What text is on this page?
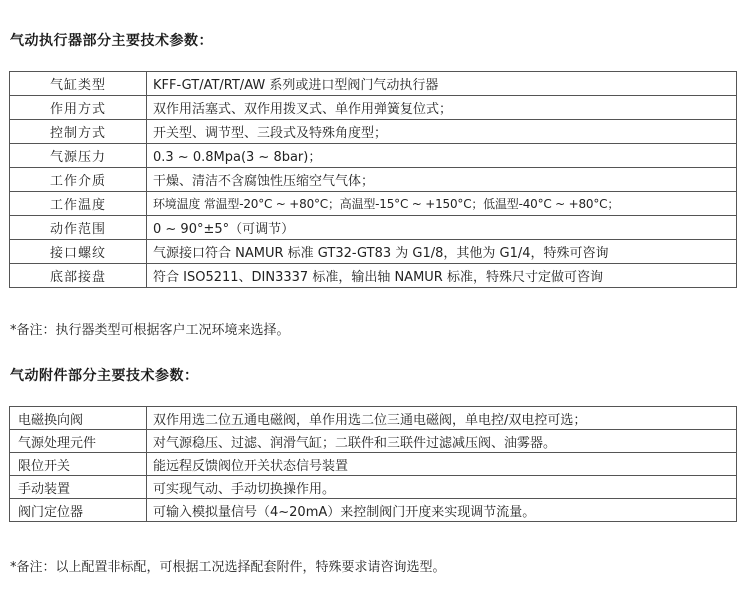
气动执行器部分主要技术参数：
气缸类型	KFF-GT/AT/RT/AW 系列或进口型阀门气动执行器
作用方式	双作用活塞式、双作用拨叉式、单作用弹簧复位式；
控制方式	开关型、调节型、三段式及特殊角度型；
气源压力	0.3 ~ 0.8Mpa(3 ~ 8bar)；
工作介质	干燥、清洁不含腐蚀性压缩空气气体；
工作温度	环境温度 常温型-20°C ~ +80°C；高温型-15°C ~ +150°C；低温型-40°C ~ +80°C；
动作范围	0 ~ 90°±5°（可调节）
接口螺纹	气源接口符合 NAMUR 标准 GT32-GT83 为 G1/8，其他为 G1/4，特殊可咨询
底部接盘	符合 ISO5211、DIN3337 标准，输出轴 NAMUR 标准，特殊尺寸定做可咨询
*备注：执行器类型可根据客户工况环境来选择。
气动附件部分主要技术参数：
电磁换向阀	双作用选二位五通电磁阀，单作用选二位三通电磁阀，单电控/双电控可选；
气源处理元件	对气源稳压、过滤、润滑气缸；二联件和三联件过滤减压阀、油雾器。
限位开关	能远程反馈阀位开关状态信号装置
手动装置	可实现气动、手动切换操作用。
阀门定位器	可输入模拟量信号（4~20mA）来控制阀门开度来实现调节流量。
*备注：以上配置非标配，可根据工况选择配套附件，特殊要求请咨询选型。
